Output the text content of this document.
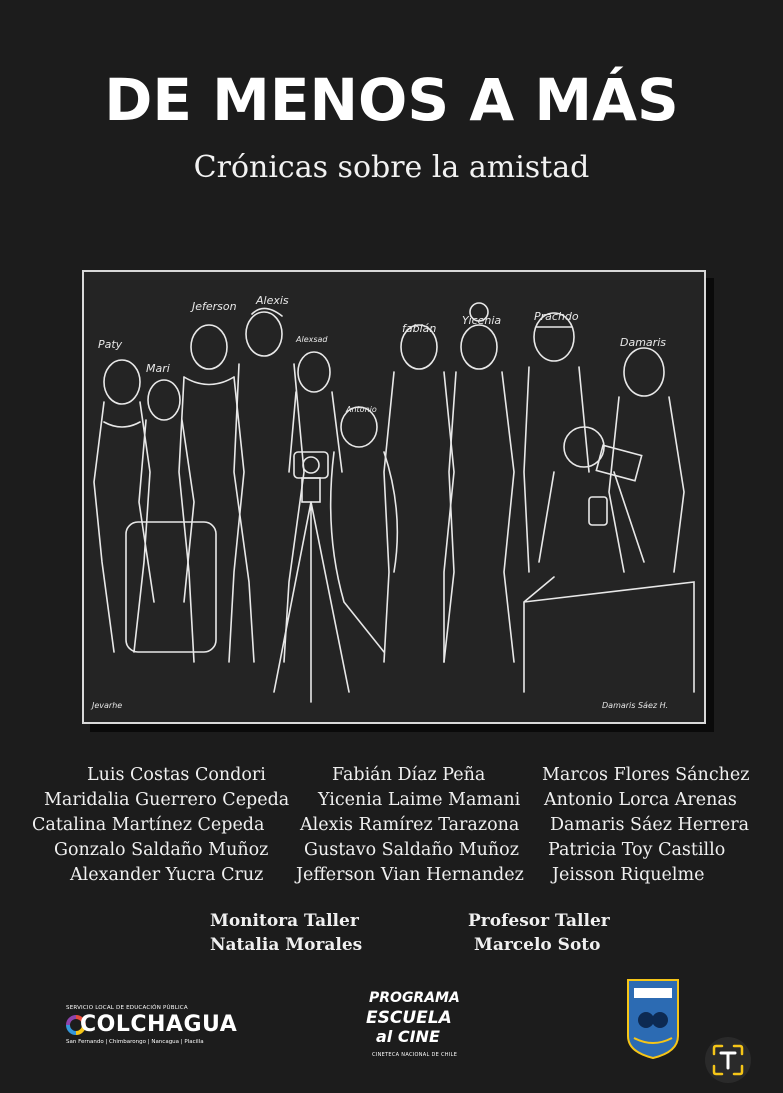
DE MENOS A MÁS
Crónicas sobre la amistad
Paty
Mari
Jeferson Alexis
Alexsad
fabián
Yicenia	Prachdo
Damaris
Antonio
Jevarhe	Damaris Sáez H.
Luis Costas Condori
Maridalia Guerrero Cepeda
Catalina Martínez Cepeda
Gonzalo Saldaño Muñoz
Alexander Yucra Cruz
Fabián Díaz Peña
Yicenia Laime Mamani
Alexis Ramírez Tarazona
Gustavo Saldaño Muñoz
Jefferson Vian Hernandez
Marcos Flores Sánchez
Antonio Lorca Arenas
Damaris Sáez Herrera
Patricia Toy Castillo
Jeisson Riquelme
Monitora Taller
Natalia Morales
Profesor Taller
Marcelo Soto
SERVICIO LOCAL DE EDUCACIÓN PÚBLICA
COLCHAGUA
San Fernando | Chimbarongo | Nancagua | Placilla
PROGRAMA
ESCUELA
al CINE
CINETECA NACIONAL DE CHILE
